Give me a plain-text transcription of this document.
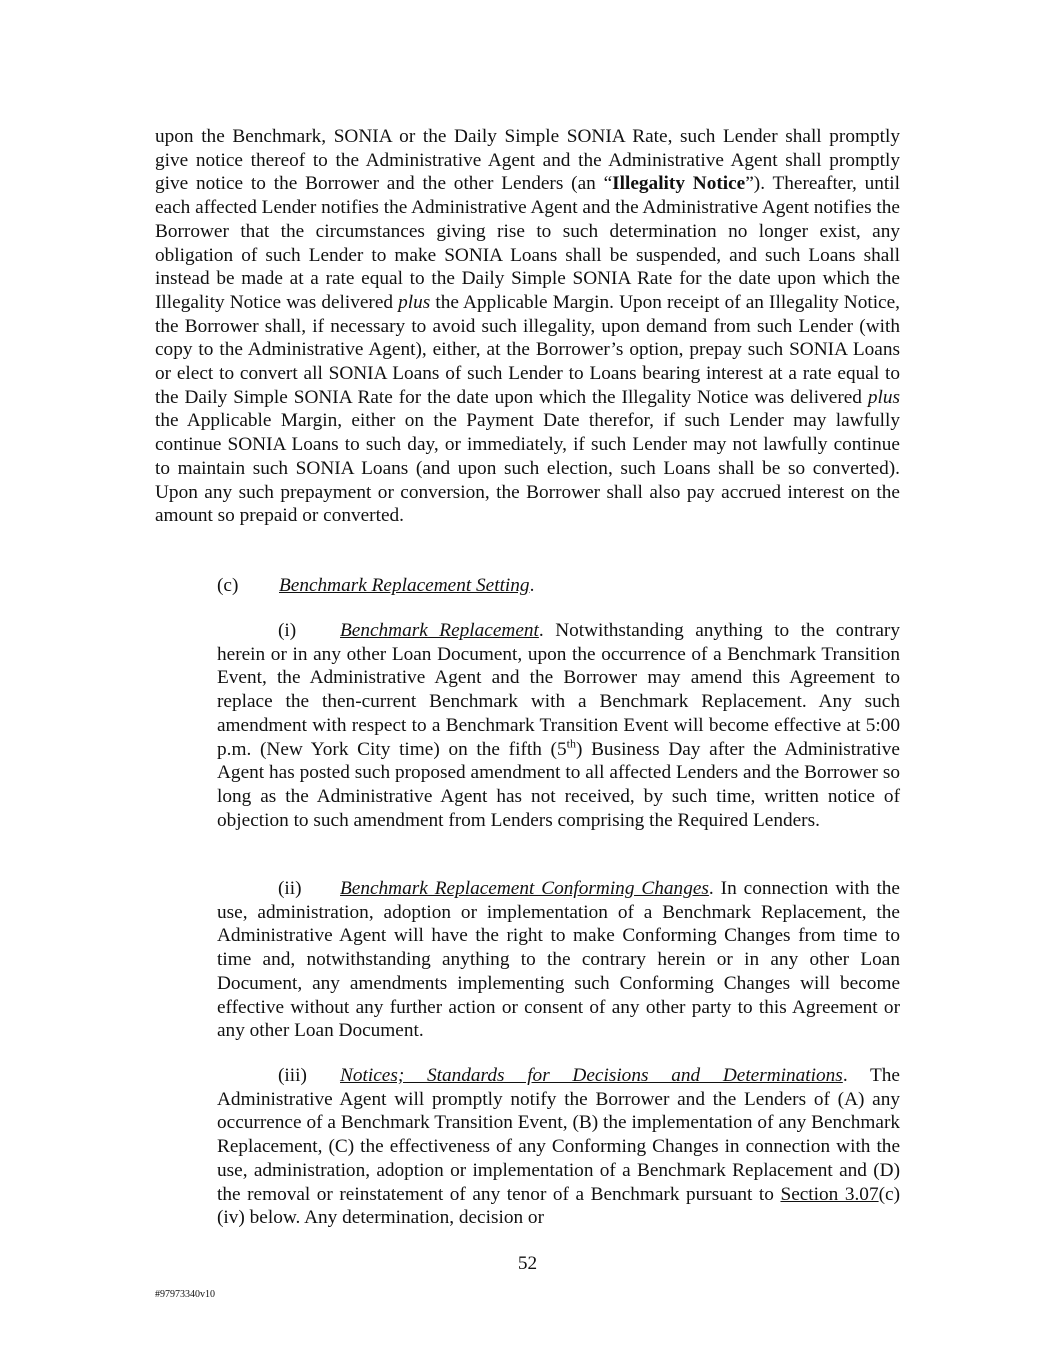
upon the Benchmark, SONIA or the Daily Simple SONIA Rate, such Lender shall promptly give notice thereof to the Administrative Agent and the Administrative Agent shall promptly give notice to the Borrower and the other Lenders (an “Illegality Notice”). Thereafter, until each affected Lender notifies the Administrative Agent and the Administrative Agent notifies the Borrower that the circumstances giving rise to such determination no longer exist, any obligation of such Lender to make SONIA Loans shall be suspended, and such Loans shall instead be made at a rate equal to the Daily Simple SONIA Rate for the date upon which the Illegality Notice was delivered plus the Applicable Margin. Upon receipt of an Illegality Notice, the Borrower shall, if necessary to avoid such illegality, upon demand from such Lender (with copy to the Administrative Agent), either, at the Borrower’s option, prepay such SONIA Loans or elect to convert all SONIA Loans of such Lender to Loans bearing interest at a rate equal to the Daily Simple SONIA Rate for the date upon which the Illegality Notice was delivered plus the Applicable Margin, either on the Payment Date therefor, if such Lender may lawfully continue SONIA Loans to such day, or immediately, if such Lender may not lawfully continue to maintain such SONIA Loans (and upon such election, such Loans shall be so converted). Upon any such prepayment or conversion, the Borrower shall also pay accrued interest on the amount so prepaid or converted.

(c) Benchmark Replacement Setting.

(i) Benchmark Replacement. Notwithstanding anything to the contrary herein or in any other Loan Document, upon the occurrence of a Benchmark Transition Event, the Administrative Agent and the Borrower may amend this Agreement to replace the then-current Benchmark with a Benchmark Replacement. Any such amendment with respect to a Benchmark Transition Event will become effective at 5:00 p.m. (New York City time) on the fifth (5th) Business Day after the Administrative Agent has posted such proposed amendment to all affected Lenders and the Borrower so long as the Administrative Agent has not received, by such time, written notice of objection to such amendment from Lenders comprising the Required Lenders.

(ii) Benchmark Replacement Conforming Changes. In connection with the use, administration, adoption or implementation of a Benchmark Replacement, the Administrative Agent will have the right to make Conforming Changes from time to time and, notwithstanding anything to the contrary herein or in any other Loan Document, any amendments implementing such Conforming Changes will become effective without any further action or consent of any other party to this Agreement or any other Loan Document.

(iii) Notices; Standards for Decisions and Determinations. The Administrative Agent will promptly notify the Borrower and the Lenders of (A) any occurrence of a Benchmark Transition Event, (B) the implementation of any Benchmark Replacement, (C) the effectiveness of any Conforming Changes in connection with the use, administration, adoption or implementation of a Benchmark Replacement and (D) the removal or reinstatement of any tenor of a Benchmark pursuant to Section 3.07(c)(iv) below. Any determination, decision or

52
#97973340v10
